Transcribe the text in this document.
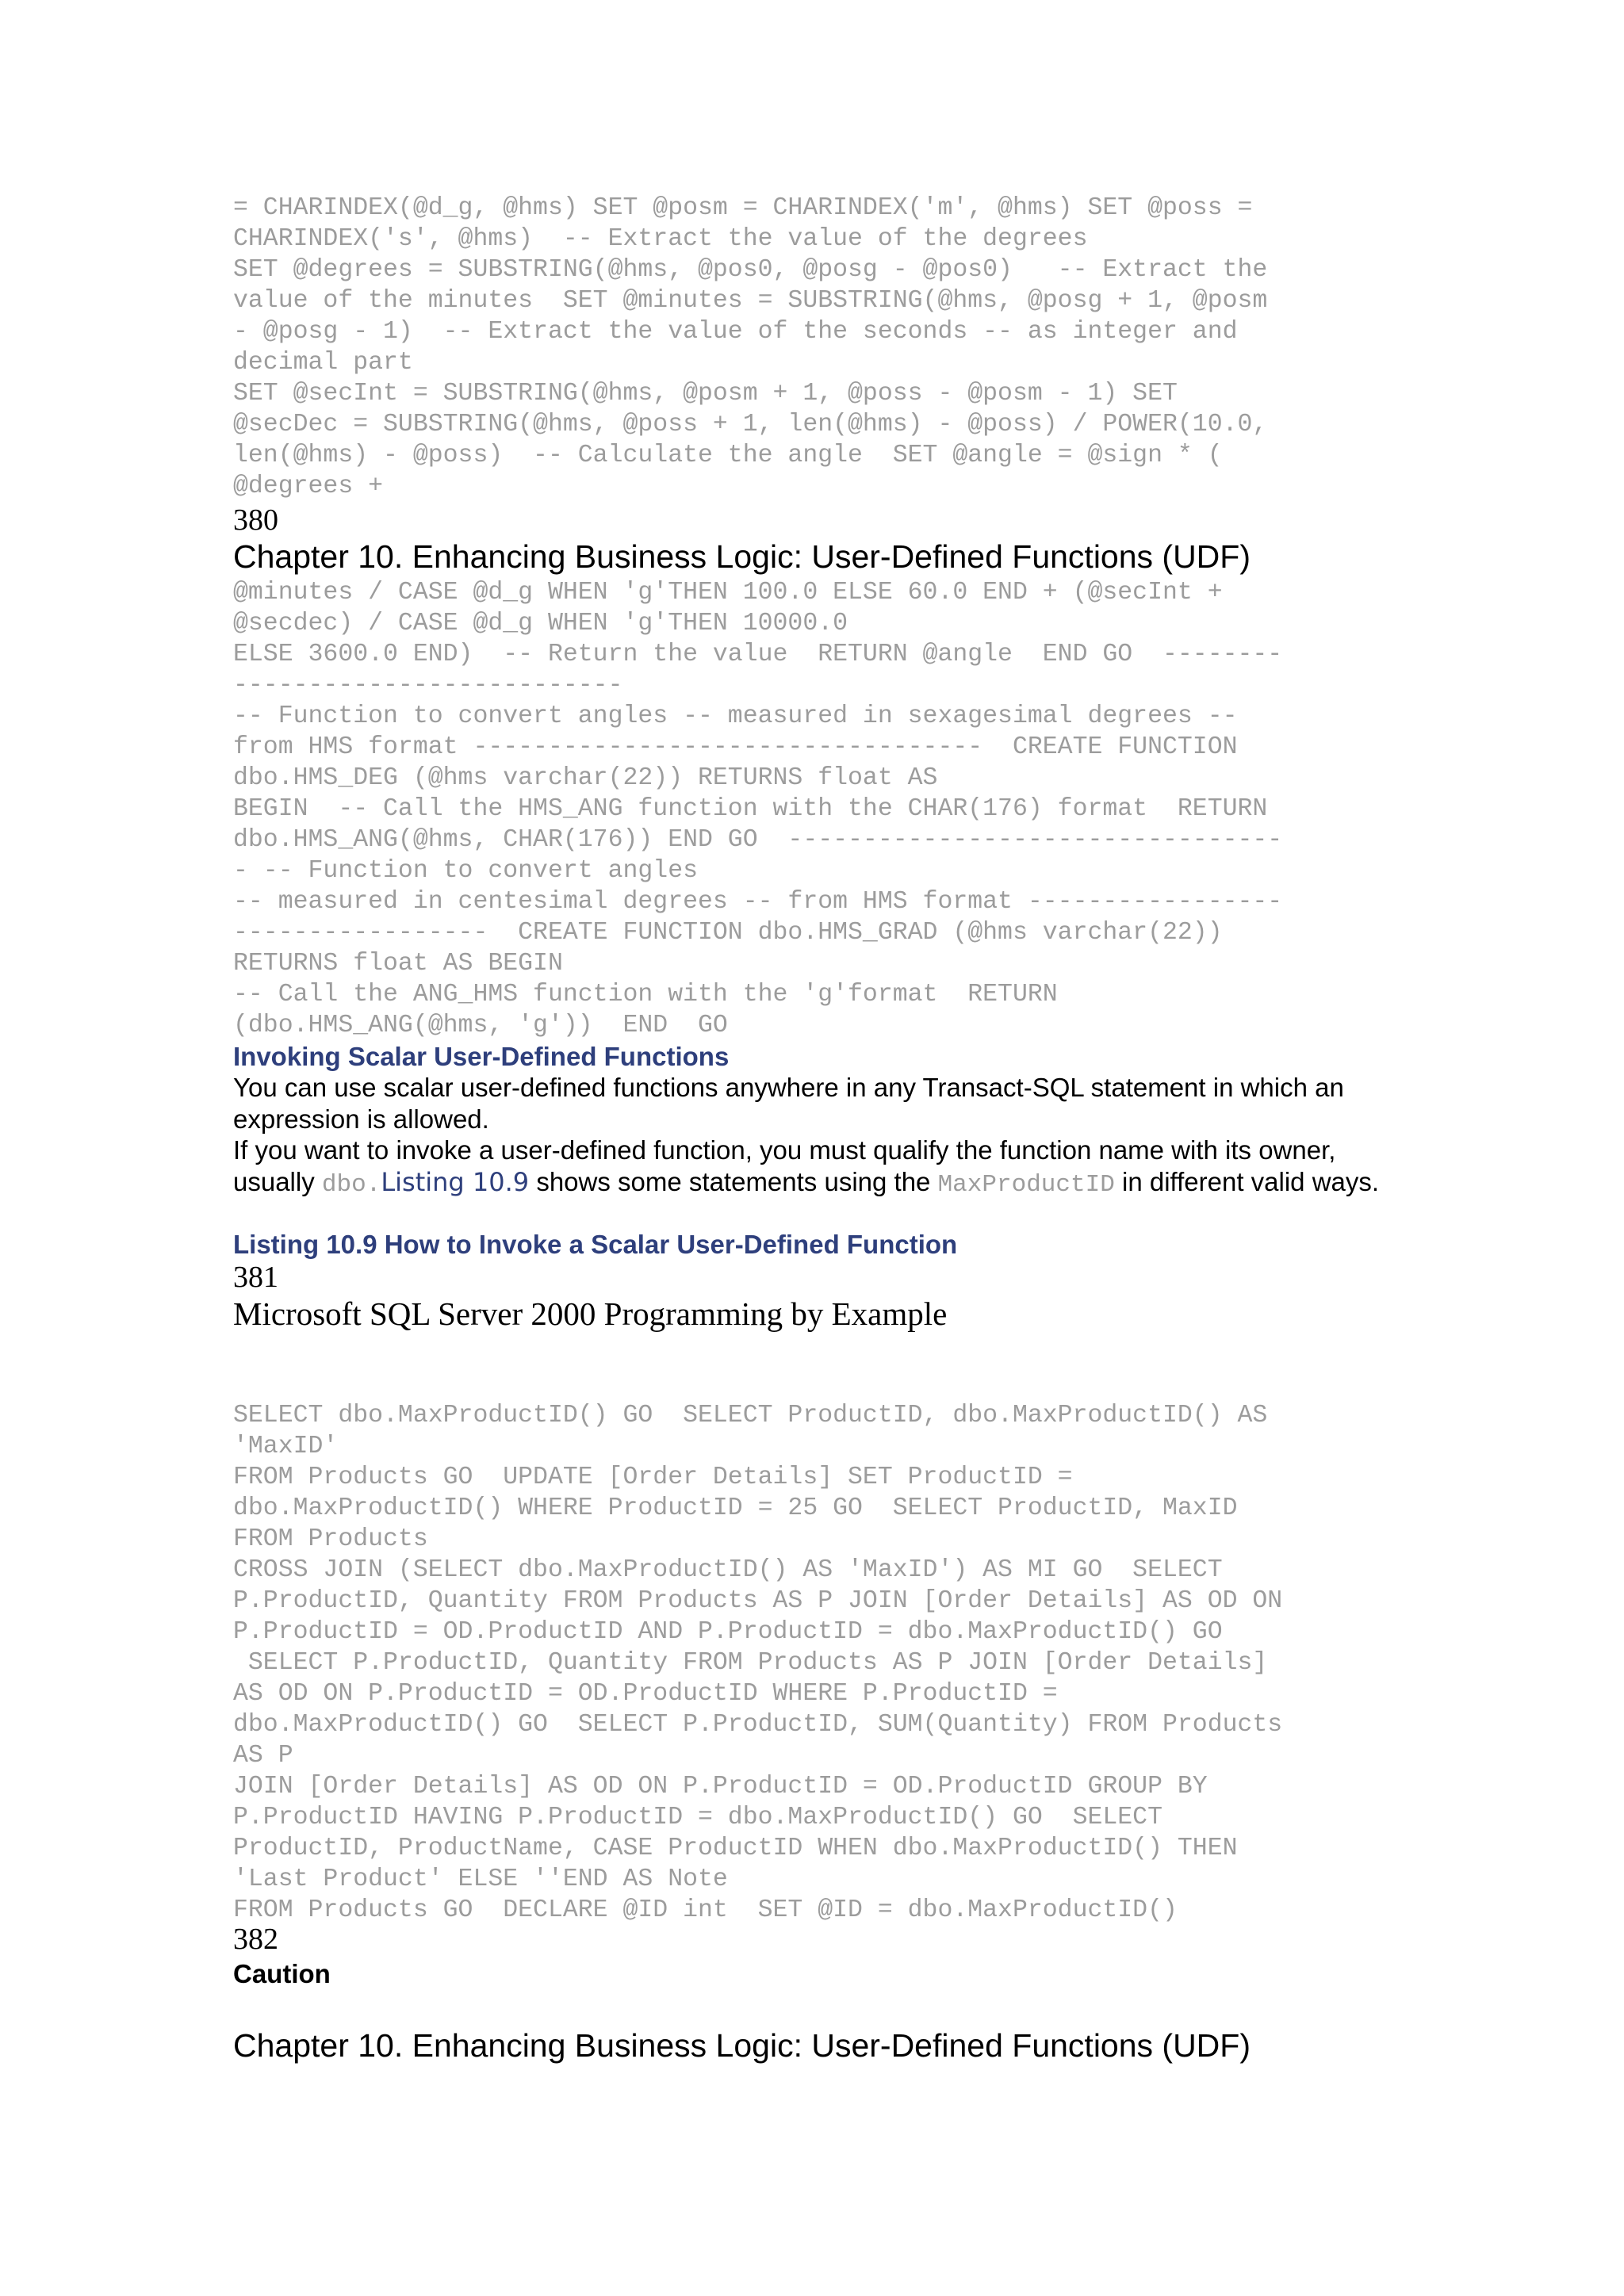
= CHARINDEX(@d_g, @hms) SET @posm = CHARINDEX('m', @hms) SET @poss =
CHARINDEX('s', @hms)  -- Extract the value of the degrees
SET @degrees = SUBSTRING(@hms, @pos0, @posg - @pos0)   -- Extract the
value of the minutes  SET @minutes = SUBSTRING(@hms, @posg + 1, @posm
- @posg - 1)  -- Extract the value of the seconds -- as integer and
decimal part
SET @secInt = SUBSTRING(@hms, @posm + 1, @poss - @posm - 1) SET
@secDec = SUBSTRING(@hms, @poss + 1, len(@hms) - @poss) / POWER(10.0,
len(@hms) - @poss)  -- Calculate the angle  SET @angle = @sign * (
@degrees +
380
Chapter 10. Enhancing Business Logic: User-Defined Functions (UDF)
@minutes / CASE @d_g WHEN 'g'THEN 100.0 ELSE 60.0 END + (@secInt +
@secdec) / CASE @d_g WHEN 'g'THEN 10000.0
ELSE 3600.0 END)  -- Return the value  RETURN @angle  END GO  --------
--------------------------
-- Function to convert angles -- measured in sexagesimal degrees --
from HMS format ----------------------------------  CREATE FUNCTION
dbo.HMS_DEG (@hms varchar(22)) RETURNS float AS
BEGIN  -- Call the HMS_ANG function with the CHAR(176) format  RETURN
dbo.HMS_ANG(@hms, CHAR(176)) END GO  ---------------------------------
- -- Function to convert angles
-- measured in centesimal degrees -- from HMS format -----------------
-----------------  CREATE FUNCTION dbo.HMS_GRAD (@hms varchar(22))
RETURNS float AS BEGIN
-- Call the ANG_HMS function with the 'g'format  RETURN
(dbo.HMS_ANG(@hms, 'g'))  END  GO
Invoking Scalar User-Defined Functions
You can use scalar user-defined functions anywhere in any Transact-SQL statement in which an expression is allowed.
If you want to invoke a user-defined function, you must qualify the function name with its owner, usually dbo.Listing 10.9 shows some statements using the MaxProductID in different valid ways.
Listing 10.9 How to Invoke a Scalar User-Defined Function
381
Microsoft SQL Server 2000 Programming by Example
SELECT dbo.MaxProductID() GO  SELECT ProductID, dbo.MaxProductID() AS
'MaxID'
FROM Products GO  UPDATE [Order Details] SET ProductID =
dbo.MaxProductID() WHERE ProductID = 25 GO  SELECT ProductID, MaxID
FROM Products
CROSS JOIN (SELECT dbo.MaxProductID() AS 'MaxID') AS MI GO  SELECT
P.ProductID, Quantity FROM Products AS P JOIN [Order Details] AS OD ON
P.ProductID = OD.ProductID AND P.ProductID = dbo.MaxProductID() GO
SELECT P.ProductID, Quantity FROM Products AS P JOIN [Order Details]
AS OD ON P.ProductID = OD.ProductID WHERE P.ProductID =
dbo.MaxProductID() GO  SELECT P.ProductID, SUM(Quantity) FROM Products
AS P
JOIN [Order Details] AS OD ON P.ProductID = OD.ProductID GROUP BY
P.ProductID HAVING P.ProductID = dbo.MaxProductID() GO  SELECT
ProductID, ProductName, CASE ProductID WHEN dbo.MaxProductID() THEN
'Last Product' ELSE ''END AS Note
FROM Products GO  DECLARE @ID int  SET @ID = dbo.MaxProductID()
382
Caution
Chapter 10. Enhancing Business Logic: User-Defined Functions (UDF)
